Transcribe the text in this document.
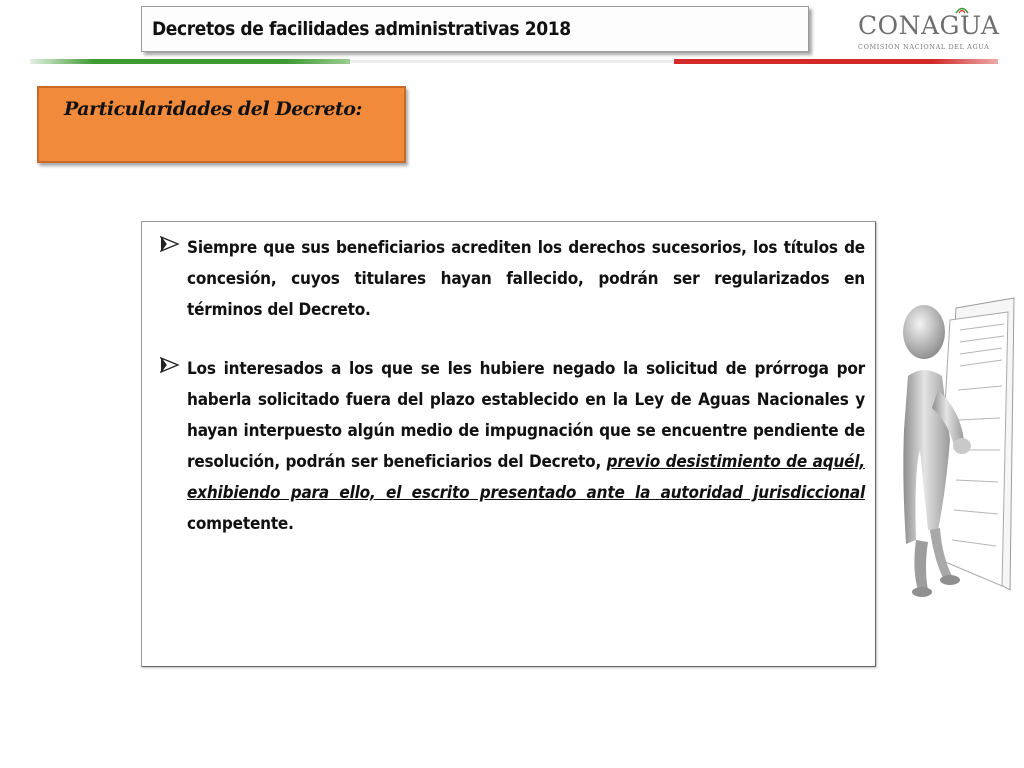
Decretos de facilidades administrativas 2018	CONAGUA
COMISIÓN NACIONAL DEL AGUA
Particularidades del Decreto:
Siempre que sus beneficiarios acrediten los derechos sucesorios, los títulos de concesión, cuyos titulares hayan fallecido, podrán ser regularizados en términos del Decreto.
Los interesados a los que se les hubiere negado la solicitud de prórroga por haberla solicitado fuera del plazo establecido en la Ley de Aguas Nacionales y hayan interpuesto algún medio de impugnación que se encuentre pendiente de resolución, podrán ser beneficiarios del Decreto, previo desistimiento de aquél, exhibiendo para ello, el escrito presentado ante la autoridad jurisdiccional competente.
